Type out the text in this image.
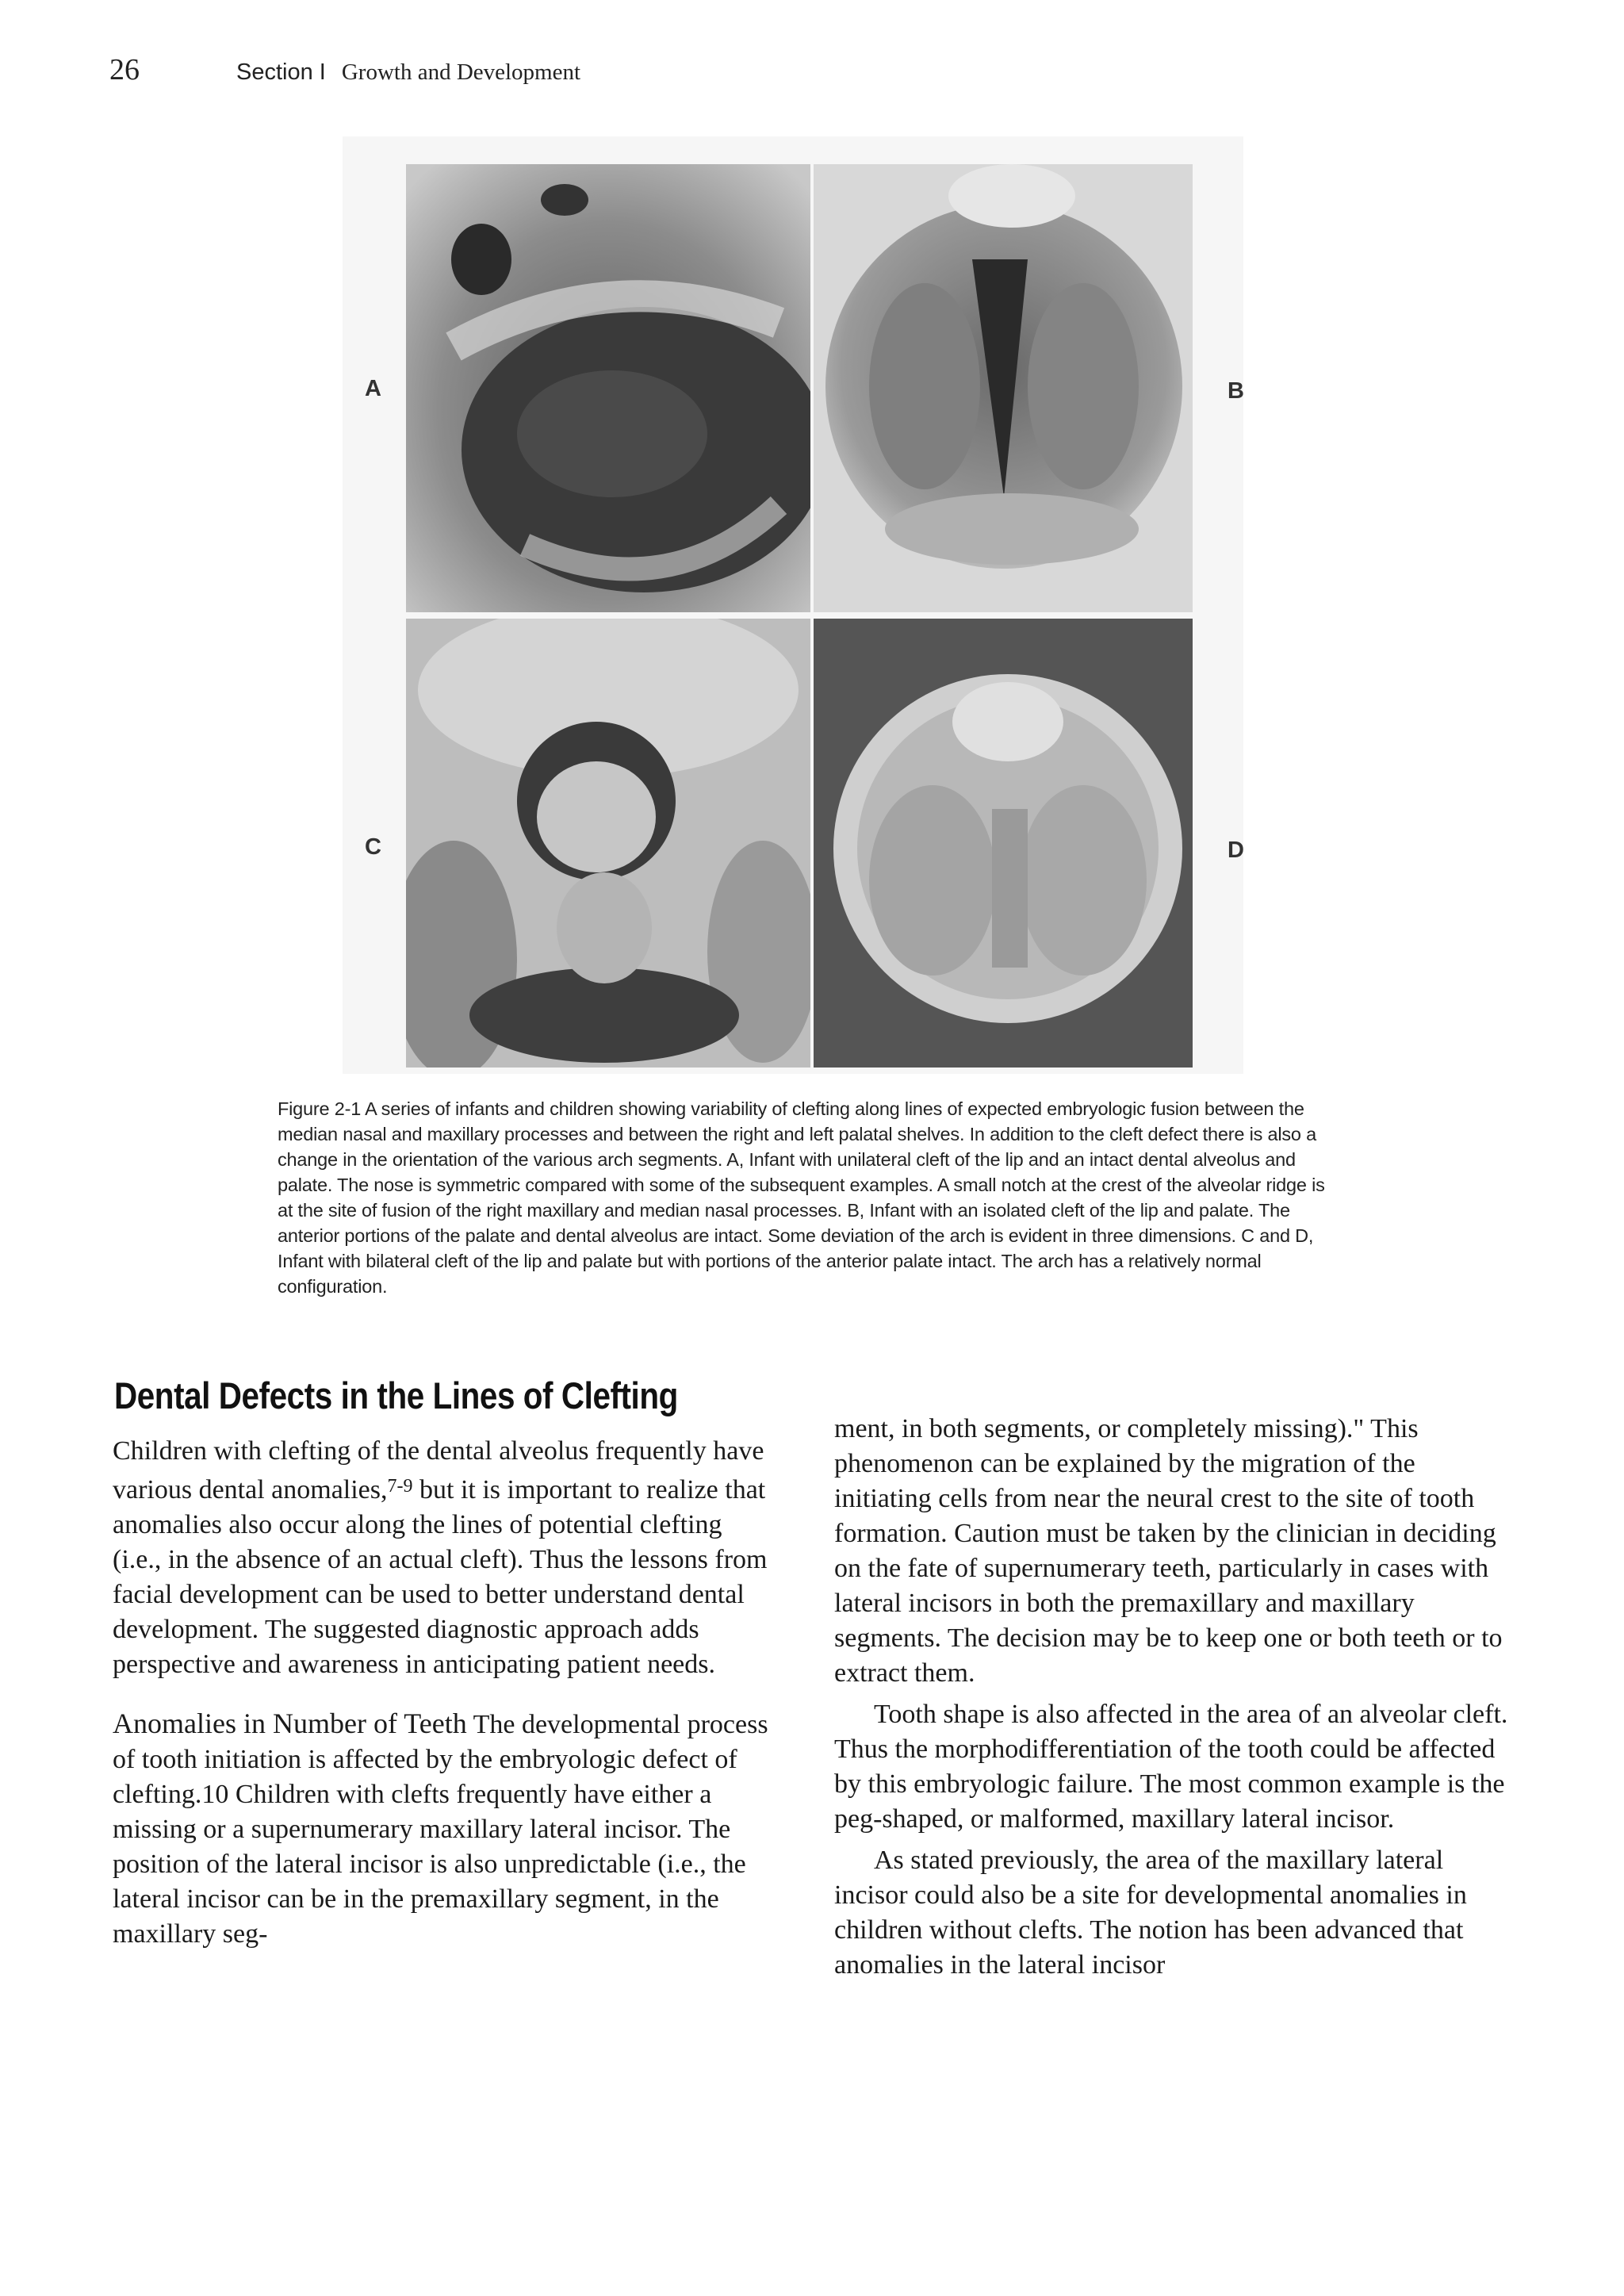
26	Section I Growth and Development
A	B
C	D
Figure 2-1 A series of infants and children showing variability of clefting along lines of expected embryologic fusion between the median nasal and maxillary processes and between the right and left palatal shelves. In addition to the cleft defect there is also a change in the orientation of the various arch segments. A, Infant with unilateral cleft of the lip and an intact dental alveolus and palate. The nose is symmetric compared with some of the subsequent examples. A small notch at the crest of the alveolar ridge is at the site of fusion of the right maxillary and median nasal processes. B, Infant with an isolated cleft of the lip and palate. The anterior portions of the palate and dental alveolus are intact. Some deviation of the arch is evident in three dimensions. C and D, Infant with bilateral cleft of the lip and palate but with portions of the anterior palate intact. The arch has a relatively normal configuration.
Dental Defects in the Lines of Clefting

Children with clefting of the dental alveolus frequently have various dental anomalies,$^{7-9}$ but it is important to realize that anomalies also occur along the lines of potential clefting (i.e., in the absence of an actual cleft). Thus the lessons from facial development can be used to better understand dental development. The suggested diagnostic approach adds perspective and awareness in anticipating patient needs.

Anomalies in Number of Teeth The developmental process of tooth initiation is affected by the embryologic defect of clefting.10 Children with clefts frequently have either a missing or a supernumerary maxillary lateral incisor. The position of the lateral incisor is also unpredictable (i.e., the lateral incisor can be in the premaxillary segment, in the maxillary seg-

ment, in both segments, or completely missing)." This phenomenon can be explained by the migration of the initiating cells from near the neural crest to the site of tooth formation. Caution must be taken by the clinician in deciding on the fate of supernumerary teeth, particularly in cases with lateral incisors in both the premaxillary and maxillary segments. The decision may be to keep one or both teeth or to extract them.

Tooth shape is also affected in the area of an alveolar cleft. Thus the morphodifferentiation of the tooth could be affected by this embryologic failure. The most common example is the peg-shaped, or malformed, maxillary lateral incisor.

As stated previously, the area of the maxillary lateral incisor could also be a site for developmental anomalies in children without clefts. The notion has been advanced that anomalies in the lateral incisor
